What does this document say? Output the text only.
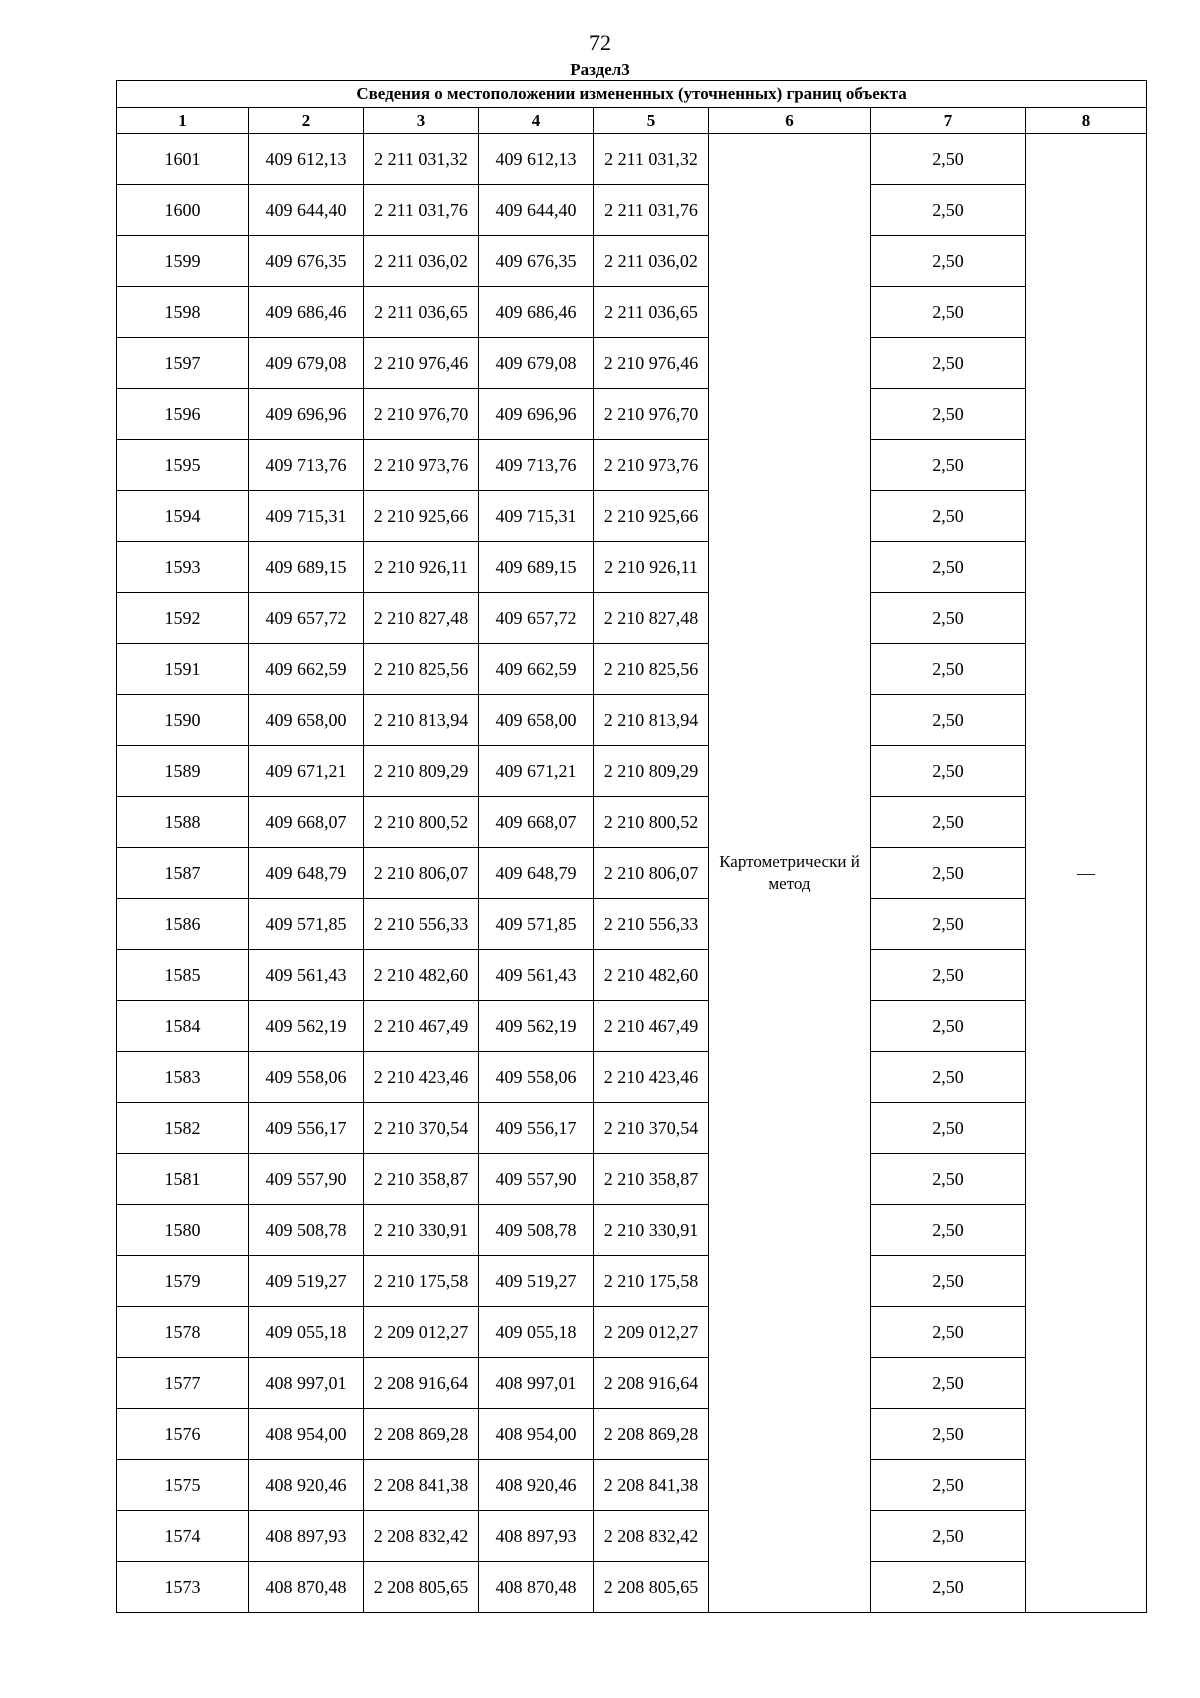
72
Раздел3
Сведения о местоположении измененных (уточненных) границ объекта							
1	2	3	4	5	6	7	8
1601	409 612,13	2 211 031,32	409 612,13	2 211 031,32	Картометрически й метод	2,50	—
1600	409 644,40	2 211 031,76	409 644,40	2 211 031,76		2,50	
1599	409 676,35	2 211 036,02	409 676,35	2 211 036,02		2,50	
1598	409 686,46	2 211 036,65	409 686,46	2 211 036,65		2,50	
1597	409 679,08	2 210 976,46	409 679,08	2 210 976,46		2,50	
1596	409 696,96	2 210 976,70	409 696,96	2 210 976,70		2,50	
1595	409 713,76	2 210 973,76	409 713,76	2 210 973,76		2,50	
1594	409 715,31	2 210 925,66	409 715,31	2 210 925,66		2,50	
1593	409 689,15	2 210 926,11	409 689,15	2 210 926,11		2,50	
1592	409 657,72	2 210 827,48	409 657,72	2 210 827,48		2,50	
1591	409 662,59	2 210 825,56	409 662,59	2 210 825,56		2,50	
1590	409 658,00	2 210 813,94	409 658,00	2 210 813,94		2,50	
1589	409 671,21	2 210 809,29	409 671,21	2 210 809,29		2,50	
1588	409 668,07	2 210 800,52	409 668,07	2 210 800,52		2,50	
1587	409 648,79	2 210 806,07	409 648,79	2 210 806,07		2,50	
1586	409 571,85	2 210 556,33	409 571,85	2 210 556,33		2,50	
1585	409 561,43	2 210 482,60	409 561,43	2 210 482,60		2,50	
1584	409 562,19	2 210 467,49	409 562,19	2 210 467,49		2,50	
1583	409 558,06	2 210 423,46	409 558,06	2 210 423,46		2,50	
1582	409 556,17	2 210 370,54	409 556,17	2 210 370,54		2,50	
1581	409 557,90	2 210 358,87	409 557,90	2 210 358,87		2,50	
1580	409 508,78	2 210 330,91	409 508,78	2 210 330,91		2,50	
1579	409 519,27	2 210 175,58	409 519,27	2 210 175,58		2,50	
1578	409 055,18	2 209 012,27	409 055,18	2 209 012,27		2,50	
1577	408 997,01	2 208 916,64	408 997,01	2 208 916,64		2,50	
1576	408 954,00	2 208 869,28	408 954,00	2 208 869,28		2,50	
1575	408 920,46	2 208 841,38	408 920,46	2 208 841,38		2,50	
1574	408 897,93	2 208 832,42	408 897,93	2 208 832,42		2,50	
1573	408 870,48	2 208 805,65	408 870,48	2 208 805,65		2,50	
